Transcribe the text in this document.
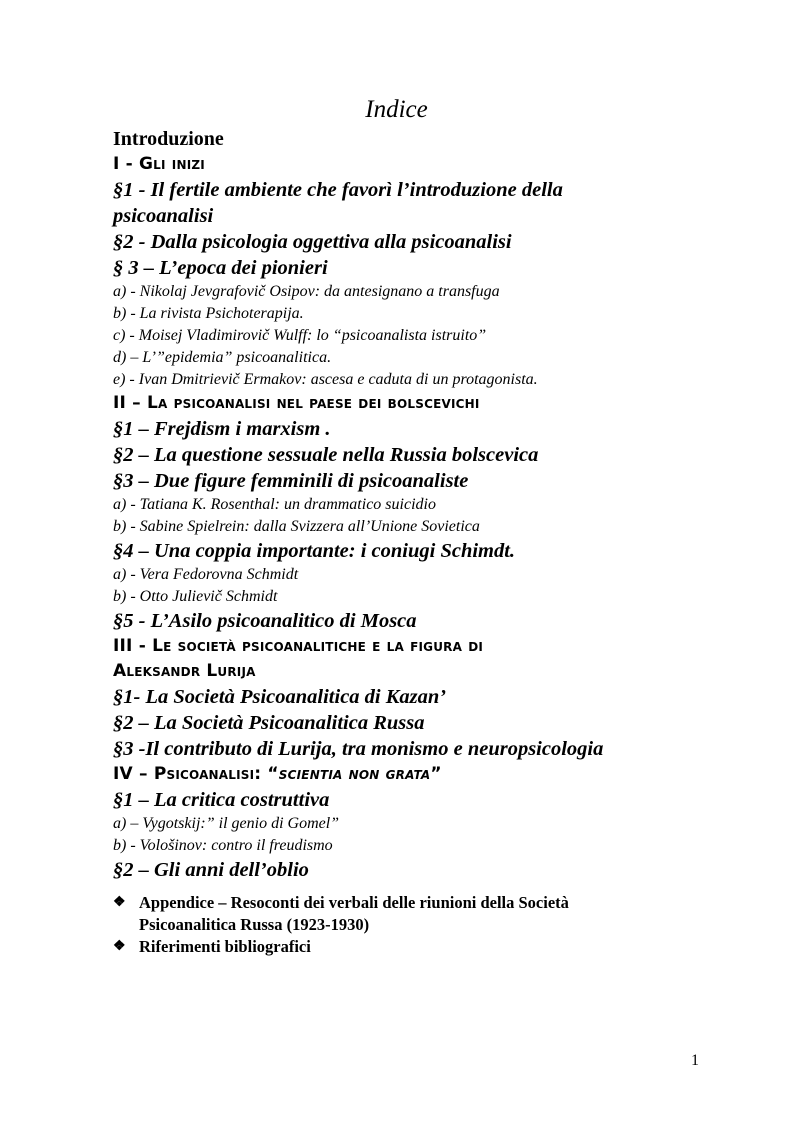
Indice
Introduzione
I - Gli inizi
§1 - Il fertile ambiente che favorì l’introduzione della
psicoanalisi
§2 - Dalla psicologia oggettiva alla psicoanalisi
§ 3 – L’epoca dei pionieri
a) - Nikolaj Jevgrafovič Osipov: da antesignano a transfuga
b) - La rivista Psichoterapija.
c) - Moisej Vladimirovič Wulff: lo “psicoanalista istruito”
d) – L’”epidemia” psicoanalitica.
e) - Ivan Dmitrievič Ermakov: ascesa e caduta di un protagonista.
II – La psicoanalisi nel paese dei bolscevichi
§1 – Frejdism i marxism .
§2 – La questione sessuale nella Russia bolscevica
§3 – Due figure femminili di psicoanaliste
a) - Tatiana K. Rosenthal: un drammatico suicidio
b) - Sabine Spielrein: dalla Svizzera all’Unione Sovietica
§4 – Una coppia importante: i coniugi Schimdt.
a) - Vera Fedorovna Schmidt
b) - Otto Julievič Schmidt
§5 - L’Asilo psicoanalitico di Mosca
III - Le società psicoanalitiche e la figura di
Aleksandr Lurija
§1- La Società Psicoanalitica di Kazan’
§2 – La Società Psicoanalitica Russa
§3 -Il contributo di Lurija, tra monismo e neuropsicologia
IV – Psicoanalisi: “scientia non grata”
§1 – La critica costruttiva
a) – Vygotskij:” il genio di Gomel”
b) - Vološinov: contro il freudismo
§2 – Gli anni dell’oblio
❖ Appendice – Resoconti dei verbali delle riunioni della Società
Psicoanalitica Russa (1923-1930)
❖ Riferimenti bibliografici
1
